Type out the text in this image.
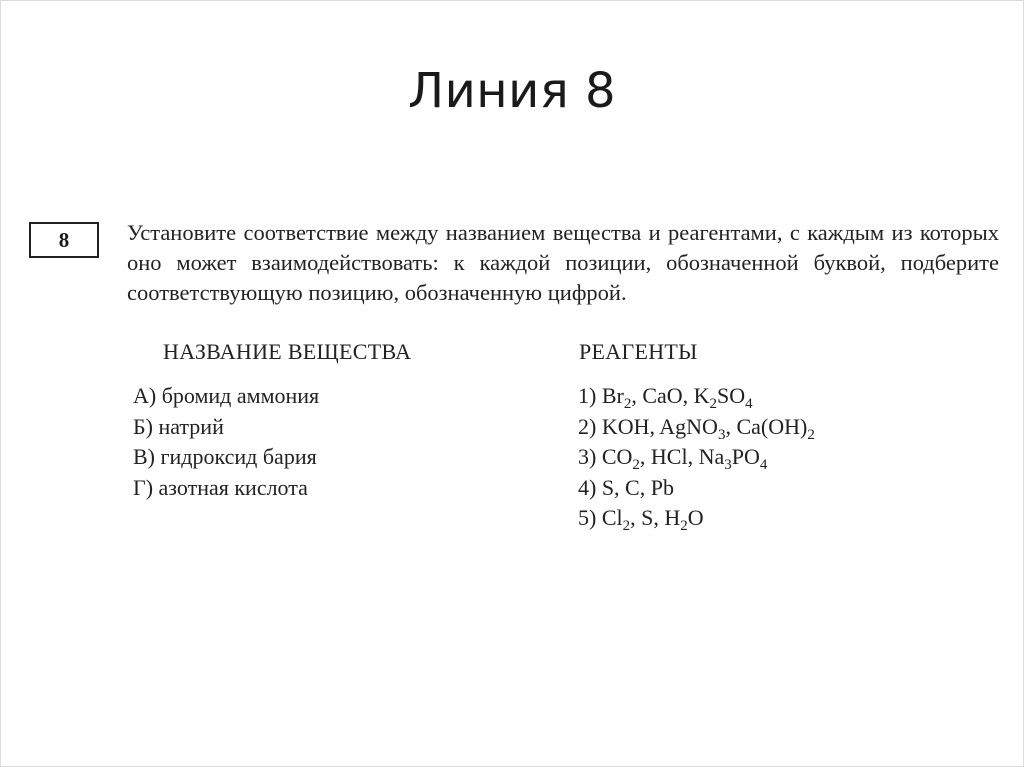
Линия 8
8	Установите соответствие между названием вещества и реагентами, с каждым из которых оно может взаимодействовать: к каждой позиции, обозначенной буквой, подберите соответствующую позицию, обозначенную цифрой.
НАЗВАНИЕ ВЕЩЕСТВА	РЕАГЕНТЫ
А) бромид аммония
Б) натрий
В) гидроксид бария
Г) азотная кислота
1) $Br_2$, CaO, $K_2SO_4$
2) KOH, AgNO$_3$, $Ca(OH)_2$
3) $CO_2$, HCl, $Na_3PO_4$
4) S, C, Pb
5) $Cl_2$, S, $H_2O$
